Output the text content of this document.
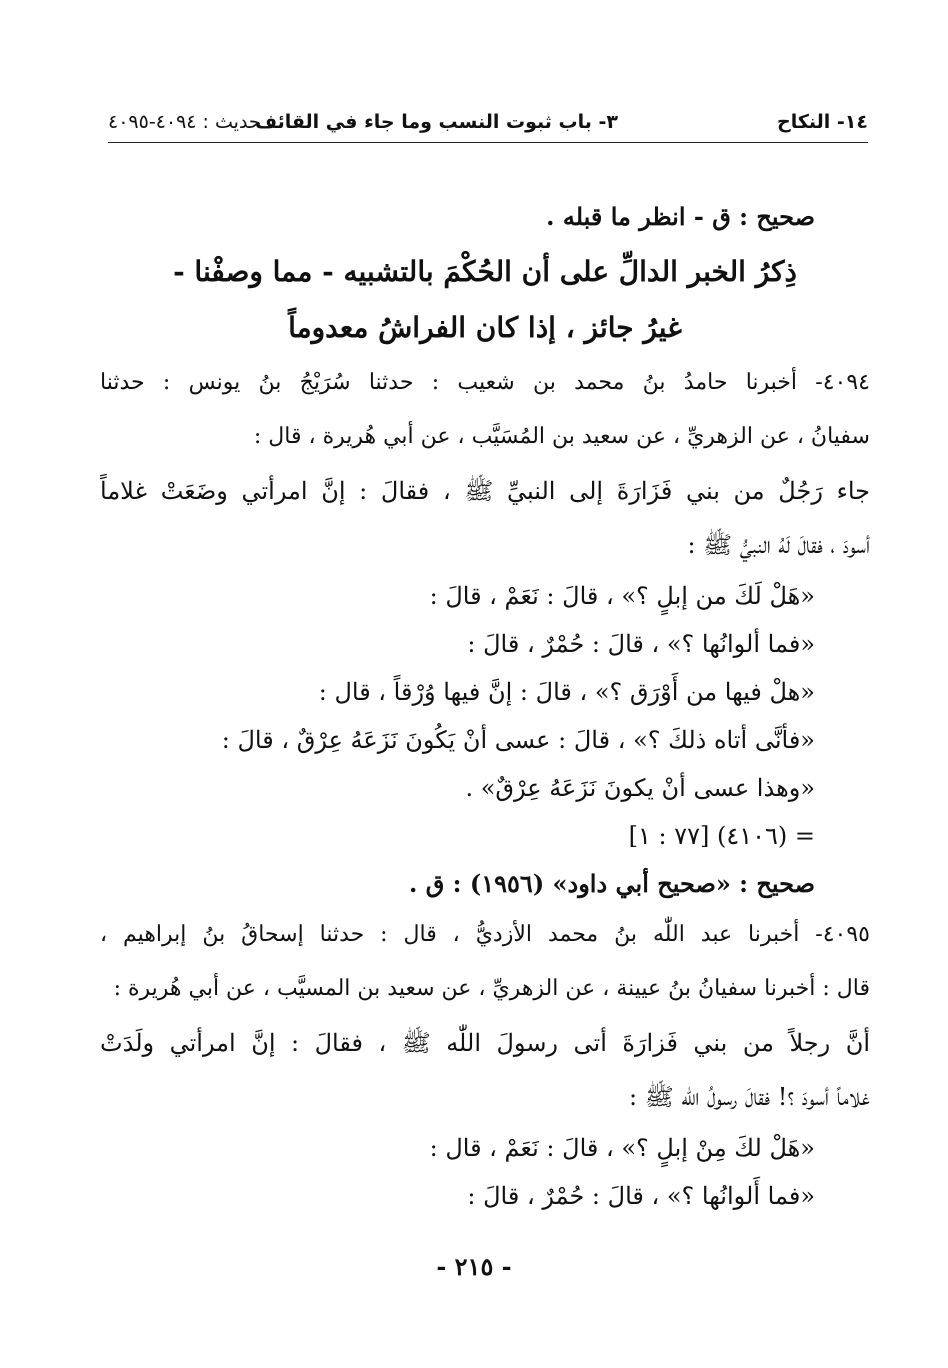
١٤- النكاح
٣- باب ثبوت النسب وما جاء في القائف
حديث : ٤٠٩٤-٤٠٩٥
صحيح : ق - انظر ما قبله .
ذِكرُ الخبر الدالِّ على أن الحُكْمَ بالتشبيه - مما وصفْنا -
غيرُ جائز ، إذا كان الفراشُ معدوماً
٤٠٩٤- أخبرنا حامدُ بنُ محمد بن شعيب : حدثنا سُرَيْجُ بنُ يونس : حدثنا
سفيانُ ، عن الزهريِّ ، عن سعيد بن المُسَيَّب ، عن أبي هُريرة ، قال :
جاء رَجُلٌ من بني فَزَارَةَ إلى النبيِّ ﷺ ، فقالَ : إنَّ امرأتي وضَعَتْ غلاماً
أسودَ ، فقالَ لَهُ النبيُّ ﷺ :
«هَلْ لَكَ من إبلٍ ؟» ، قالَ : نَعَمْ ، قالَ :
«فما ألوانُها ؟» ، قالَ : حُمْرٌ ، قالَ :
«هلْ فيها من أَوْرَق ؟» ، قالَ : إنَّ فيها وُرْقاً ، قال :
«فأنَّى أتاه ذلكَ ؟» ، قالَ : عسى أنْ يَكُونَ نَزَعَهُ عِرْقٌ ، قالَ :
«وهذا عسى أنْ يكونَ نَزَعَهُ عِرْقٌ» .
= (٤١٠٦) [٧٧ : ١]
صحيح : «صحيح أبي داود» (١٩٥٦) : ق .
٤٠٩٥- أخبرنا عبد اللّٰه بنُ محمد الأزديُّ ، قال : حدثنا إسحاقُ بنُ إبراهيم ،
قال : أخبرنا سفيانُ بنُ عيينة ، عن الزهريِّ ، عن سعيد بن المسيَّب ، عن أبي هُريرة :
أنَّ رجلاً من بني فَزارَةَ أتى رسولَ اللّٰه ﷺ ، فقالَ : إنَّ امرأتي ولَدَتْ
غلاماً أسودَ ؟! فقالَ رسولُ اللّٰه ﷺ :
«هَلْ لكَ مِنْ إبلٍ ؟» ، قالَ : نَعَمْ ، قال :
«فما أَلوانُها ؟» ، قالَ : حُمْرٌ ، قالَ :
- ٢١٥ -
